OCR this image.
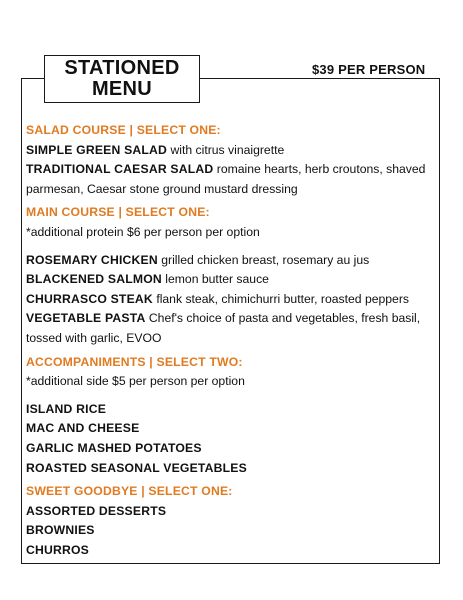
STATIONED
MENU
$39 PER PERSON
SALAD COURSE | SELECT ONE:
SIMPLE GREEN SALAD with citrus vinaigrette
TRADITIONAL CAESAR SALAD romaine hearts, herb croutons, shaved
parmesan, Caesar stone ground mustard dressing
MAIN COURSE | SELECT ONE:
*additional protein $6 per person per option
ROSEMARY CHICKEN grilled chicken breast, rosemary au jus
BLACKENED SALMON lemon butter sauce
CHURRASCO STEAK flank steak, chimichurri butter, roasted peppers
VEGETABLE PASTA Chef's choice of pasta and vegetables, fresh basil,
tossed with garlic, EVOO
ACCOMPANIMENTS | SELECT TWO:
*additional side $5 per person per option
ISLAND RICE
MAC AND CHEESE
GARLIC MASHED POTATOES
ROASTED SEASONAL VEGETABLES
SWEET GOODBYE | SELECT ONE:
ASSORTED DESSERTS
BROWNIES
CHURROS
